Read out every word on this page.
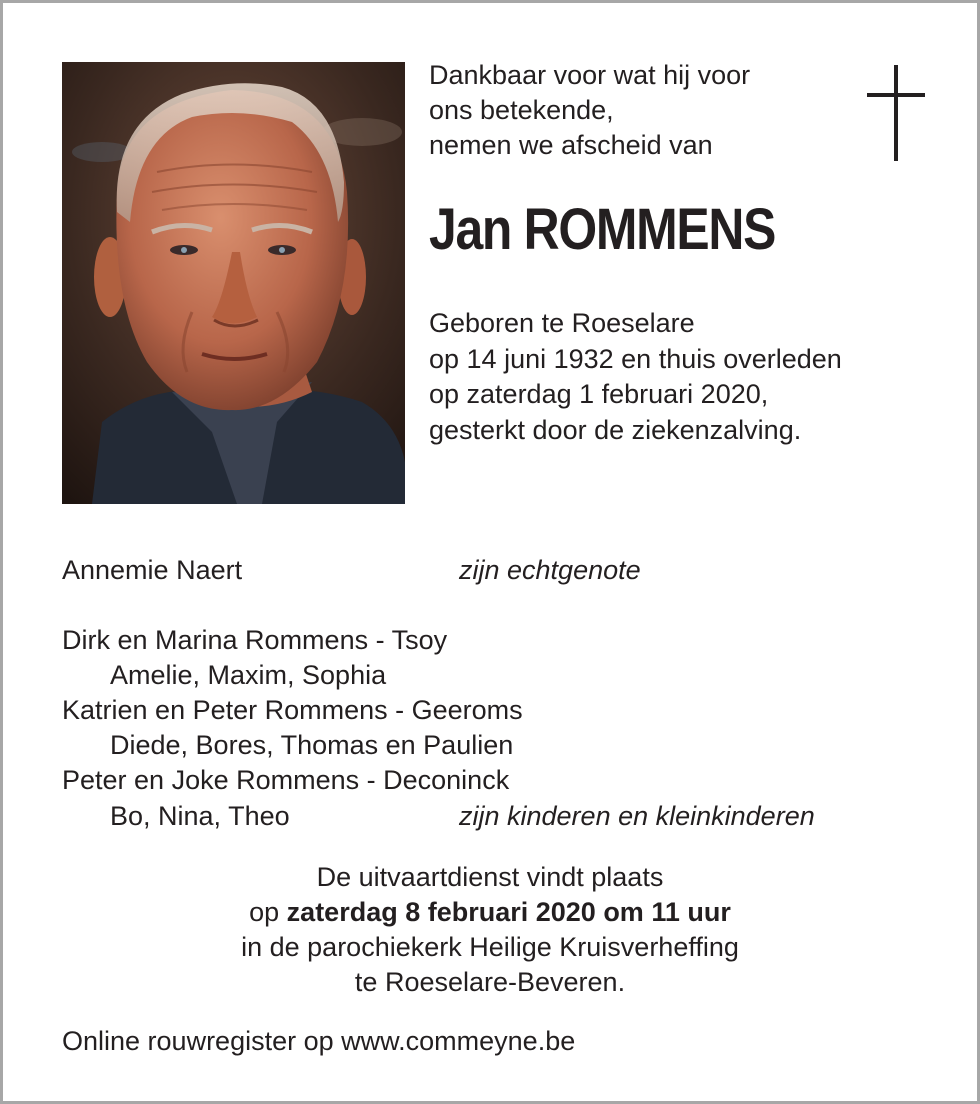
Dankbaar voor wat hij voor
ons betekende,
nemen we afscheid van
Jan ROMMENS
Geboren te Roeselare
op 14 juni 1932 en thuis overleden
op zaterdag 1 februari 2020,
gesterkt door de ziekenzalving.
Annemie Naert	zijn echtgenote
Dirk en Marina Rommens - Tsoy
Amelie, Maxim, Sophia
Katrien en Peter Rommens - Geeroms
Diede, Bores, Thomas en Paulien
Peter en Joke Rommens - Deconinck
Bo, Nina, Theo	zijn kinderen en kleinkinderen
De uitvaartdienst vindt plaats
op zaterdag 8 februari 2020 om 11 uur
in de parochiekerk Heilige Kruisverheffing
te Roeselare-Beveren.
Online rouwregister op www.commeyne.be
